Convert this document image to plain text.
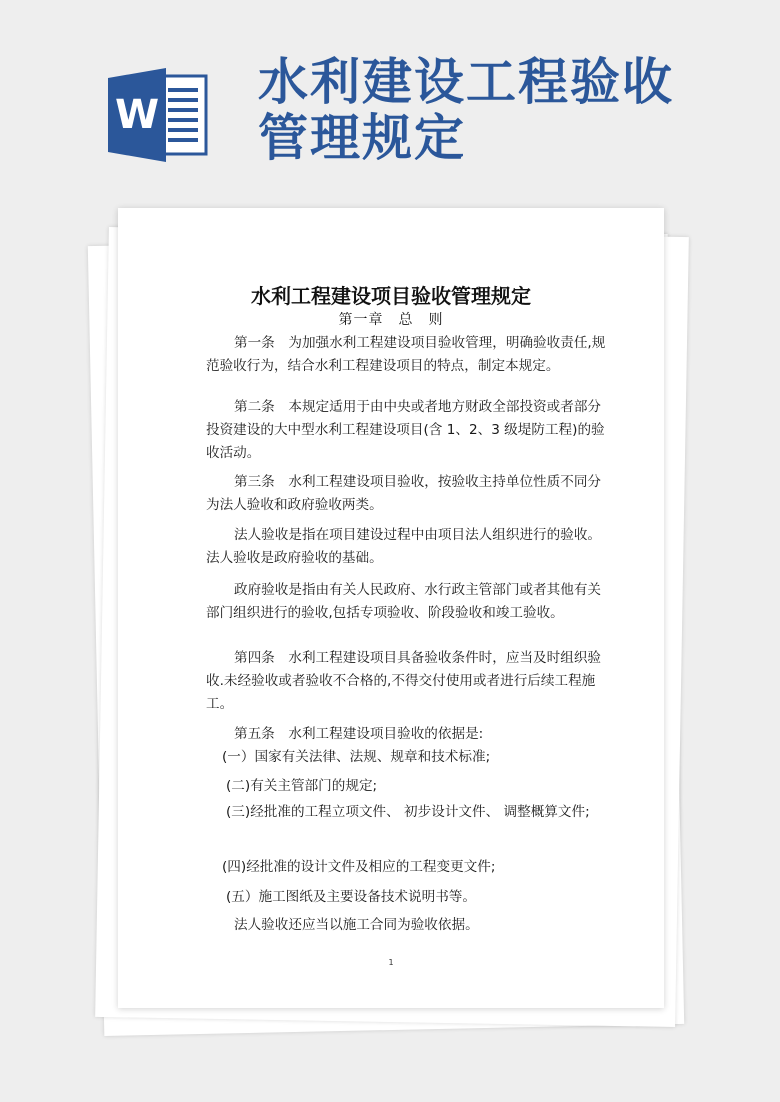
W
水利建设工程验收管理规定
水利工程建设项目验收管理规定
第一章　总　则

第一条　为加强水利工程建设项目验收管理，明确验收责任,规范验收行为，结合水利工程建设项目的特点，制定本规定。

第二条　本规定适用于由中央或者地方财政全部投资或者部分投资建设的大中型水利工程建设项目(含 1、2、3 级堤防工程)的验收活动。

第三条　水利工程建设项目验收，按验收主持单位性质不同分为法人验收和政府验收两类。

法人验收是指在项目建设过程中由项目法人组织进行的验收。法人验收是政府验收的基础。

政府验收是指由有关人民政府、水行政主管部门或者其他有关部门组织进行的验收,包括专项验收、阶段验收和竣工验收。

第四条　水利工程建设项目具备验收条件时，应当及时组织验收.未经验收或者验收不合格的,不得交付使用或者进行后续工程施工。

第五条　水利工程建设项目验收的依据是:

(一）国家有关法律、法规、规章和技术标准;

(二)有关主管部门的规定;

(三)经批准的工程立项文件、 初步设计文件、 调整概算文件;

(四)经批准的设计文件及相应的工程变更文件;

(五）施工图纸及主要设备技术说明书等。

法人验收还应当以施工合同为验收依据。

1
